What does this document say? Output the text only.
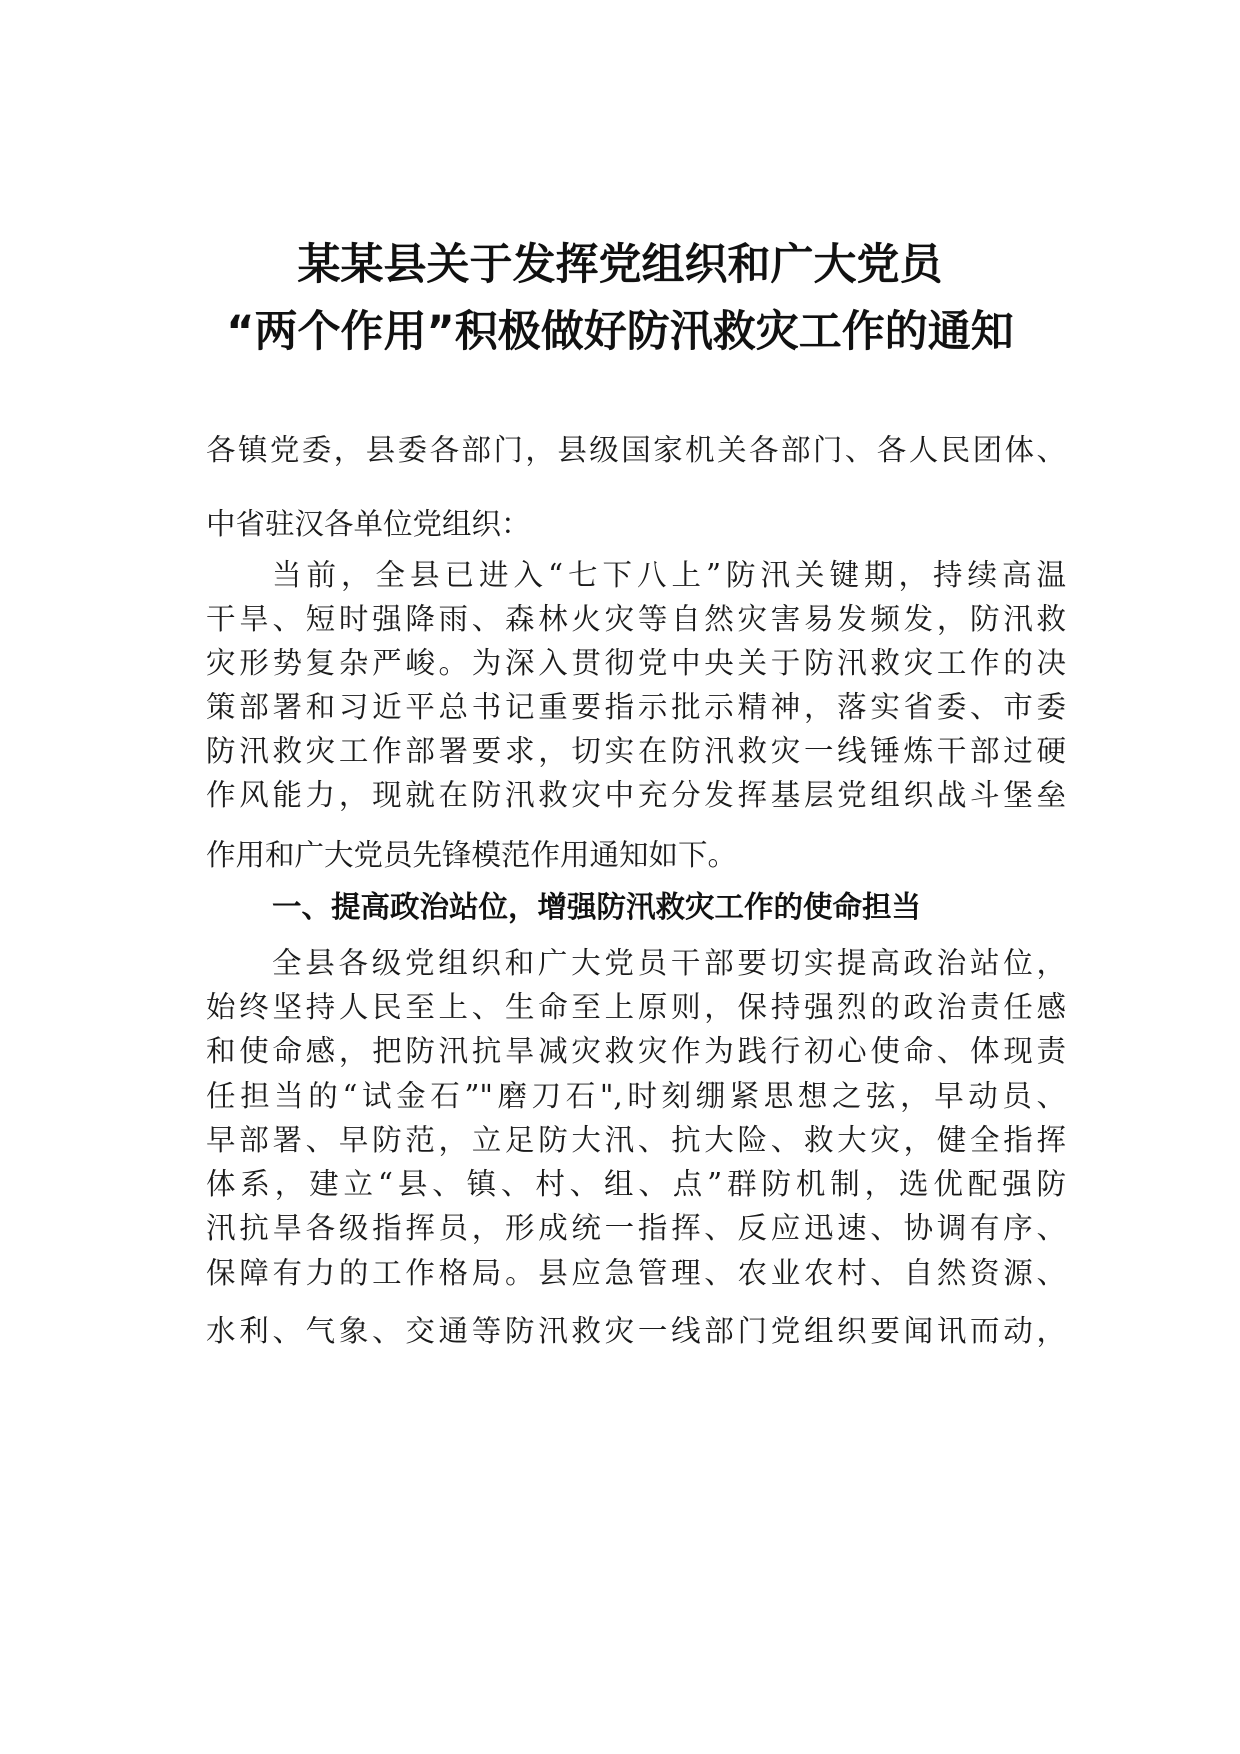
某某县关于发挥党组织和广大党员
“两个作用”积极做好防汛救灾工作的通知
各镇党委，县委各部门，县级国家机关各部门、各人民团体、
中省驻汉各单位党组织：
当前，全县已进入“七下八上”防汛关键期，持续高温
干旱、短时强降雨、森林火灾等自然灾害易发频发，防汛救
灾形势复杂严峻。为深入贯彻党中央关于防汛救灾工作的决
策部署和习近平总书记重要指示批示精神，落实省委、市委
防汛救灾工作部署要求，切实在防汛救灾一线锤炼干部过硬
作风能力，现就在防汛救灾中充分发挥基层党组织战斗堡垒
作用和广大党员先锋模范作用通知如下。
一、提高政治站位，增强防汛救灾工作的使命担当
全县各级党组织和广大党员干部要切实提高政治站位，
始终坚持人民至上、生命至上原则，保持强烈的政治责任感
和使命感，把防汛抗旱减灾救灾作为践行初心使命、体现责
任担当的“试金石”"磨刀石",时刻绷紧思想之弦，早动员、
早部署、早防范，立足防大汛、抗大险、救大灾，健全指挥
体系，建立“县、镇、村、组、点”群防机制，选优配强防
汛抗旱各级指挥员，形成统一指挥、反应迅速、协调有序、
保障有力的工作格局。县应急管理、农业农村、自然资源、
水利、气象、交通等防汛救灾一线部门党组织要闻讯而动，
